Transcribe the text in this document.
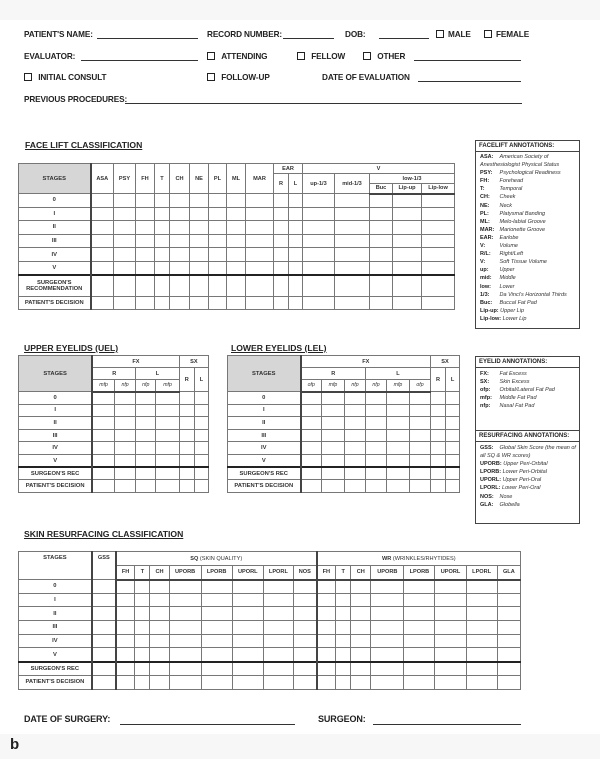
PATIENT'S NAME:	RECORD NUMBER:	DOB:	MALE	FEMALE
EVALUATOR:	ATTENDING	FELLOW	OTHER
INITIAL CONSULT	FOLLOW-UP	DATE OF EVALUATION
PREVIOUS PROCEDURES:
FACE LIFT CLASSIFICATION
STAGES	ASA	PSY	FH	T	CH	NE	PL	ML	MAR	EAR		V				
										R	L	up-1/3	mid-1/3	low-1/3		
														Buc	Lip-up	Lip-low
0																
I																
II																
III																
IV																
V																
SURGEON'S RECOMMENDATION																
PATIENT'S DECISION																
UPPER EYELIDS (UEL)
STAGES	FX				SX	
	R		L		R	L
	mfp	nfp	nfp	mfp		
0						
I						
II						
III						
IV						
V						
SURGEON'S REC						
PATIENT'S DECISION						
LOWER EYELIDS (LEL)
STAGES	FX						SX	
	R			L			R	L
	ofp	mfp	nfp	nfp	mfp	ofp		
0								
I								
II								
III								
IV								
V								
SURGEON'S REC								
PATIENT'S DECISION								
SKIN RESURFACING CLASSIFICATION
STAGES	GSS	SQ (SKIN QUALITY)								WR (WRINKLES/RHYTIDES)							
		FH	T	CH	UPORB	LPORB	UPORL	LPORL	NOS	FH	T	CH	UPORB	LPORB	UPORL	LPORL	GLA
0																	
I																	
II																	
III																	
IV																	
V																	
SURGEON'S REC																	
PATIENT'S DECISION																	
FACELIFT ANNOTATIONS:
ASA: American Society of Anesthesiologist Physical Status
PSY: Psychological Readiness
FH: Forehead
T:	Temporal
CH: Cheek
NE: Neck
PL: Platysmal Banding
ML: Melo-labial Groove
MAR: Marionette Groove
EAR: Earlobe
V:	Volume
R/L: Right/Left
V:	Soft Tissue Volume
up: Upper
mid: Middle
low: Lower
1/3: Da Vinci's Horizontal Thirds
Buc: Buccal Fat Pad
Lip-up: Upper Lip
Lip-low: Lower Lip
EYELID ANNOTATIONS:
FX: Fat Excess
SX: Skin Excess
ofp: Orbital/Lateral Fat Pad
mfp: Middle Fat Pad
nfp: Nasal Fat Pad
RESURFACING ANNOTATIONS:
GSS: Global Skin Score (the mean of all SQ & WR scores)
UPORB: Upper Peri-Orbital
LPORB: Lower Peri-Orbital
UPORL: Upper Peri-Oral
LPORL: Lower Peri-Oral
NOS: Nose
GLA: Globella
DATE OF SURGERY:	SURGEON:
b
